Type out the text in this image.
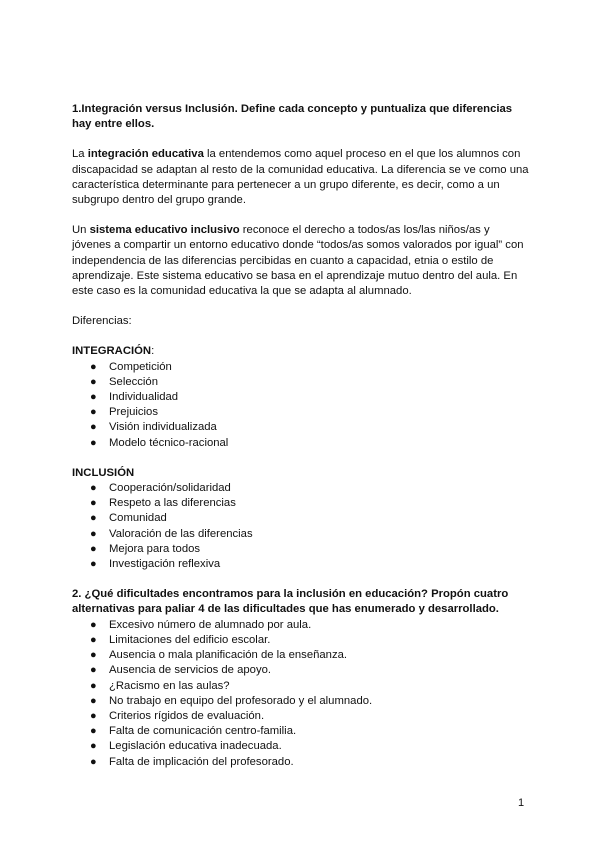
1.Integración versus Inclusión. Define cada concepto y puntualiza que diferencias hay entre ellos.

La integración educativa la entendemos como aquel proceso en el que los alumnos con discapacidad se adaptan al resto de la comunidad educativa. La diferencia se ve como una característica determinante para pertenecer a un grupo diferente, es decir, como a un subgrupo dentro del grupo grande.

Un sistema educativo inclusivo reconoce el derecho a todos/as los/las niños/as y jóvenes a compartir un entorno educativo donde “todos/as somos valorados por igual” con independencia de las diferencias percibidas en cuanto a capacidad, etnia o estilo de aprendizaje. Este sistema educativo se basa en el aprendizaje mutuo dentro del aula. En este caso es la comunidad educativa la que se adapta al alumnado.

Diferencias:

INTEGRACIÓN:

● Competición
● Selección
● Individualidad
● Prejuicios
● Visión individualizada
● Modelo técnico-racional

INCLUSIÓN

● Cooperación/solidaridad
● Respeto a las diferencias
● Comunidad
● Valoración de las diferencias
● Mejora para todos
● Investigación reflexiva

2. ¿Qué dificultades encontramos para la inclusión en educación? Propón cuatro alternativas para paliar 4 de las dificultades que has enumerado y desarrollado.

● Excesivo número de alumnado por aula.
● Limitaciones del edificio escolar.
● Ausencia o mala planificación de la enseñanza.
● Ausencia de servicios de apoyo.
● ¿Racismo en las aulas?
● No trabajo en equipo del profesorado y el alumnado.
● Criterios rígidos de evaluación.
● Falta de comunicación centro-familia.
● Legislación educativa inadecuada.
● Falta de implicación del profesorado.
1
